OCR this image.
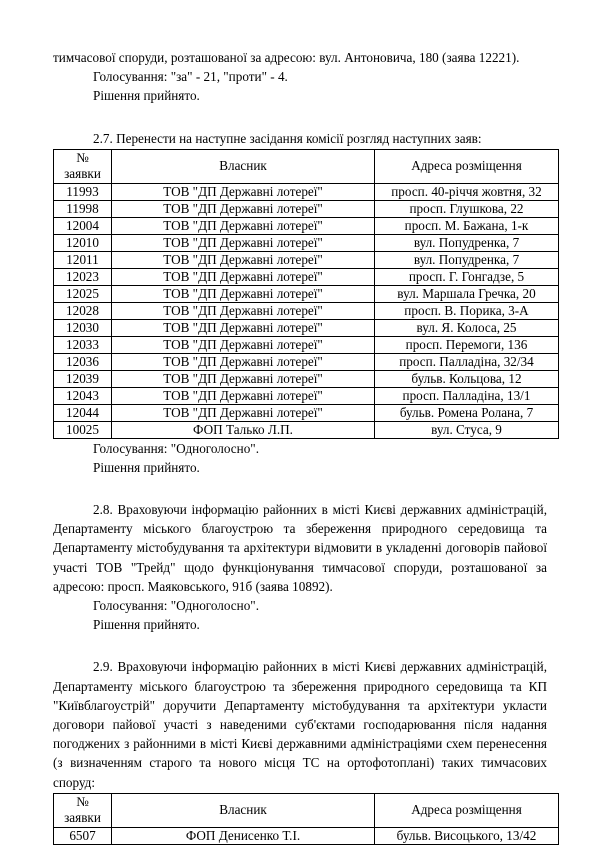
тимчасової споруди, розташованої за адресою: вул. Антоновича, 180 (заява 12221).

Голосування: "за" - 21, "проти" - 4.

Рішення прийнято.

2.7. Перенести на наступне засідання комісії розгляд наступних заяв:

№
заявки	Власник	Адреса розміщення
11993	ТОВ "ДП Державні лотереї"	просп. 40-річчя жовтня, 32
11998	ТОВ "ДП Державні лотереї"	просп. Глушкова, 22
12004	ТОВ "ДП Державні лотереї"	просп. М. Бажана, 1-к
12010	ТОВ "ДП Державні лотереї"	вул. Попудренка, 7
12011	ТОВ "ДП Державні лотереї"	вул. Попудренка, 7
12023	ТОВ "ДП Державні лотереї"	просп. Г. Гонгадзе, 5
12025	ТОВ "ДП Державні лотереї"	вул. Маршала Гречка, 20
12028	ТОВ "ДП Державні лотереї"	просп. В. Порика, 3-А
12030	ТОВ "ДП Державні лотереї"	вул. Я. Колоса, 25
12033	ТОВ "ДП Державні лотереї"	просп. Перемоги, 136
12036	ТОВ "ДП Державні лотереї"	просп. Палладіна, 32/34
12039	ТОВ "ДП Державні лотереї"	бульв. Кольцова, 12
12043	ТОВ "ДП Державні лотереї"	просп. Палладіна, 13/1
12044	ТОВ "ДП Державні лотереї"	бульв. Ромена Ролана, 7
10025	ФОП Талько Л.П.	вул. Стуса, 9

Голосування: "Одноголосно".

Рішення прийнято.

2.8. Враховуючи інформацію районних в місті Києві державних адміністрацій, Департаменту міського благоустрою та збереження природного середовища та Департаменту містобудування та архітектури відмовити в укладенні договорів пайової участі ТОВ "Трейд" щодо функціонування тимчасової споруди, розташованої за адресою: просп. Маяковського, 91б (заява 10892).

Голосування: "Одноголосно".

Рішення прийнято.

2.9. Враховуючи інформацію районних в місті Києві державних адміністрацій, Департаменту міського благоустрою та збереження природного середовища та КП "Київблагоустрій" доручити Департаменту містобудування та архітектури укласти договори пайової участі з наведеними суб'єктами господарювання після надання погоджених з районними в місті Києві державними адміністраціями схем перенесення (з визначенням старого та нового місця ТС на ортофотоплані) таких тимчасових споруд:

№
заявки	Власник	Адреса розміщення
6507	ФОП Денисенко Т.І.	бульв. Висоцького, 13/42
